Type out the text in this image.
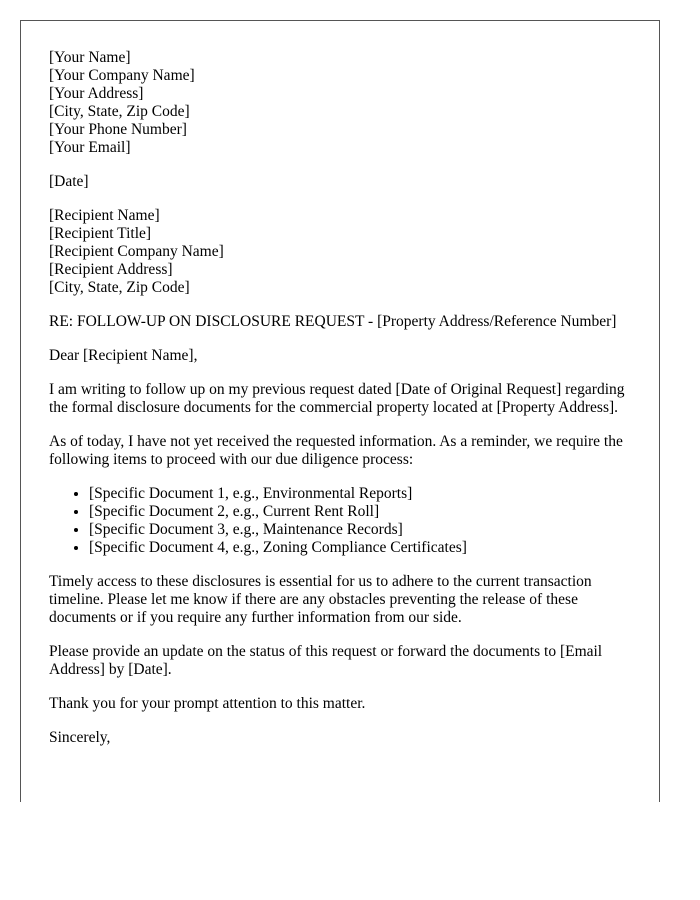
[Your Name]
[Your Company Name]
[Your Address]
[City, State, Zip Code]
[Your Phone Number]
[Your Email]
[Date]
[Recipient Name]
[Recipient Title]
[Recipient Company Name]
[Recipient Address]
[City, State, Zip Code]

RE: FOLLOW-UP ON DISCLOSURE REQUEST - [Property Address/Reference Number]

Dear [Recipient Name],

I am writing to follow up on my previous request dated [Date of Original Request] regarding the formal disclosure documents for the commercial property located at [Property Address].

As of today, I have not yet received the requested information. As a reminder, we require the following items to proceed with our due diligence process:

• [Specific Document 1, e.g., Environmental Reports]
• [Specific Document 2, e.g., Current Rent Roll]
• [Specific Document 3, e.g., Maintenance Records]
• [Specific Document 4, e.g., Zoning Compliance Certificates]

Timely access to these disclosures is essential for us to adhere to the current transaction timeline. Please let me know if there are any obstacles preventing the release of these documents or if you require any further information from our side.

Please provide an update on the status of this request or forward the documents to [Email Address] by [Date].

Thank you for your prompt attention to this matter.

Sincerely,
